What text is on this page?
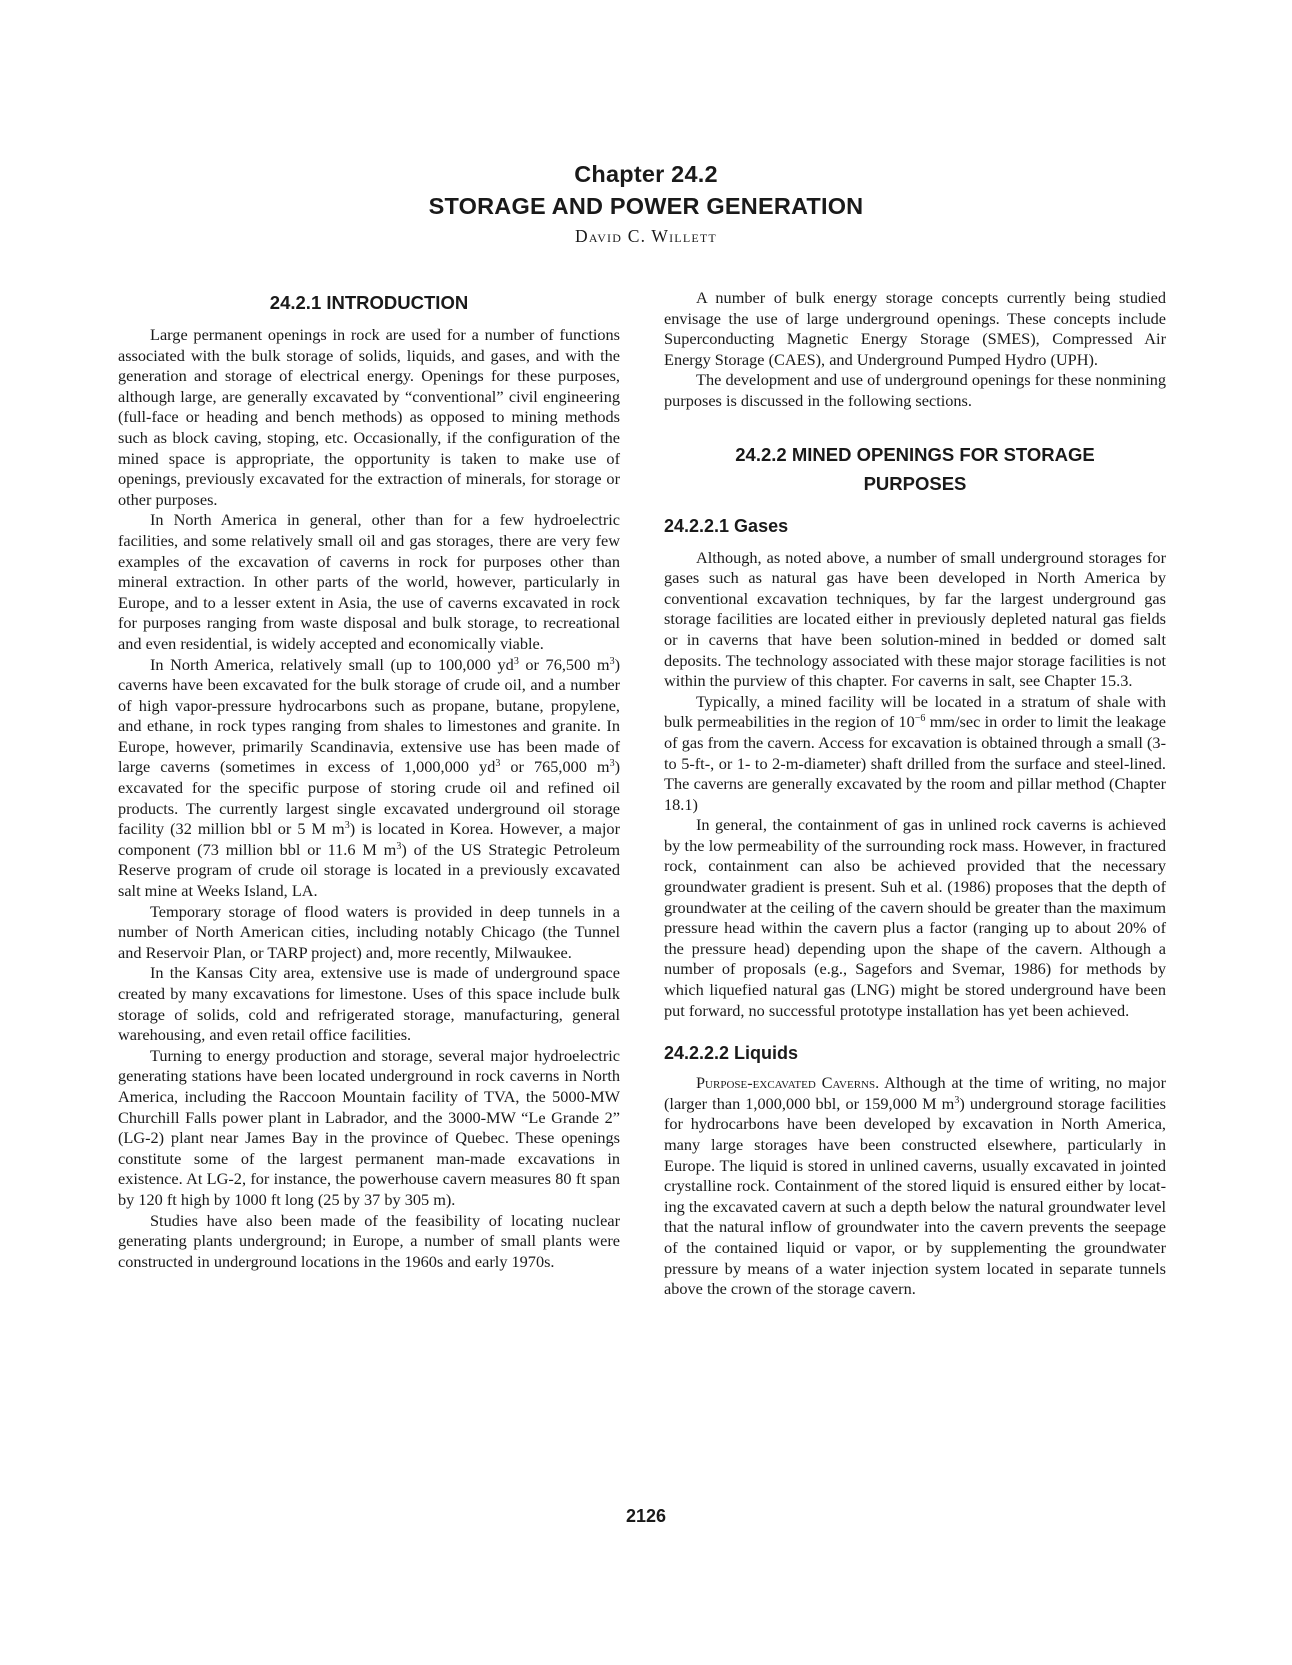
Chapter 24.2
STORAGE AND POWER GENERATION
David C. Willett
24.2.1 INTRODUCTION

Large permanent openings in rock are used for a number of functions associated with the bulk storage of solids, liquids, and gases, and with the generation and storage of electrical energy. Openings for these purposes, although large, are generally excavated by “conventional” civil engineering (full-face or heading and bench methods) as opposed to mining methods such as block caving, stoping, etc. Occasionally, if the configuration of the mined space is appropriate, the opportunity is taken to make use of openings, previously excavated for the extraction of minerals, for storage or other purposes.

In North America in general, other than for a few hydroelectric facilities, and some relatively small oil and gas storages, there are very few examples of the excavation of caverns in rock for purposes other than mineral extraction. In other parts of the world, however, particularly in Europe, and to a lesser extent in Asia, the use of caverns excavated in rock for purposes ranging from waste disposal and bulk storage, to recreational and even residential, is widely accepted and economically viable.

In North America, relatively small (up to 100,000 $yd^3$ or 76,500 $m^3$) caverns have been excavated for the bulk storage of crude oil, and a number of high vapor-pressure hydrocarbons such as propane, butane, propylene, and ethane, in rock types ranging from shales to limestones and granite. In Europe, however, primarily Scandinavia, extensive use has been made of large caverns (sometimes in excess of 1,000,000 $yd^3$ or 765,000 $m^3$) excavated for the specific purpose of storing crude oil and refined oil products. The currently largest single excavated underground oil storage facility (32 million bbl or 5 M $m^3$) is located in Korea. However, a major component (73 million bbl or 11.6 M $m^3$) of the US Strategic Petroleum Reserve program of crude oil storage is located in a previously excavated salt mine at Weeks Island, LA.

Temporary storage of flood waters is provided in deep tunnels in a number of North American cities, including notably Chicago (the Tunnel and Reservoir Plan, or TARP project) and, more recently, Milwaukee.

In the Kansas City area, extensive use is made of underground space created by many excavations for limestone. Uses of this space include bulk storage of solids, cold and refrigerated storage, manufacturing, general warehousing, and even retail office facilities.

Turning to energy production and storage, several major hydroelectric generating stations have been located underground in rock caverns in North America, including the Raccoon Mountain facility of TVA, the 5000-MW Churchill Falls power plant in Labrador, and the 3000-MW “Le Grande 2” (LG-2) plant near James Bay in the province of Quebec. These openings constitute some of the largest permanent man-made excavations in existence. At LG-2, for instance, the powerhouse cavern measures 80 ft span by 120 ft high by 1000 ft long (25 by 37 by 305 m).

Studies have also been made of the feasibility of locating nuclear generating plants underground; in Europe, a number of small plants were constructed in underground locations in the 1960s and early 1970s.

A number of bulk energy storage concepts currently being studied envisage the use of large underground openings. These concepts include Superconducting Magnetic Energy Storage (SMES), Compressed Air Energy Storage (CAES), and Underground Pumped Hydro (UPH).

The development and use of underground openings for these nonmining purposes is discussed in the following sections.

24.2.2 MINED OPENINGS FOR STORAGE PURPOSES
24.2.2.1 Gases

Although, as noted above, a number of small underground storages for gases such as natural gas have been developed in North America by conventional excavation techniques, by far the largest underground gas storage facilities are located either in previously depleted natural gas fields or in caverns that have been solution-mined in bedded or domed salt deposits. The technology associated with these major storage facilities is not within the purview of this chapter. For caverns in salt, see Chapter 15.3.

Typically, a mined facility will be located in a stratum of shale with bulk permeabilities in the region of $10^{-6}$ mm/sec in order to limit the leakage of gas from the cavern. Access for excavation is obtained through a small (3- to 5-ft-, or 1- to 2-m-diameter) shaft drilled from the surface and steel-lined. The caverns are generally excavated by the room and pillar method (Chapter 18.1)

In general, the containment of gas in unlined rock caverns is achieved by the low permeability of the surrounding rock mass. However, in fractured rock, containment can also be achieved provided that the necessary groundwater gradient is present. Suh et al. (1986) proposes that the depth of groundwater at the ceiling of the cavern should be greater than the maximum pressure head within the cavern plus a factor (ranging up to about 20% of the pressure head) depending upon the shape of the cavern. Although a number of proposals (e.g., Sagefors and Svemar, 1986) for methods by which liquefied natural gas (LNG) might be stored underground have been put forward, no successful prototype installation has yet been achieved.

24.2.2.2 Liquids

Purpose-excavated Caverns. Although at the time of writing, no major (larger than 1,000,000 bbl, or 159,000 M $m^3$) underground storage facilities for hydrocarbons have been developed by excavation in North America, many large storages have been constructed elsewhere, particularly in Europe. The liquid is stored in unlined caverns, usually excavated in jointed crystalline rock. Containment of the stored liquid is ensured either by locating the excavated cavern at such a depth below the natural groundwater level that the natural inflow of groundwater into the cavern prevents the seepage of the contained liquid or vapor, or by supplementing the groundwater pressure by means of a water injection system located in separate tunnels above the crown of the storage cavern.

2126
